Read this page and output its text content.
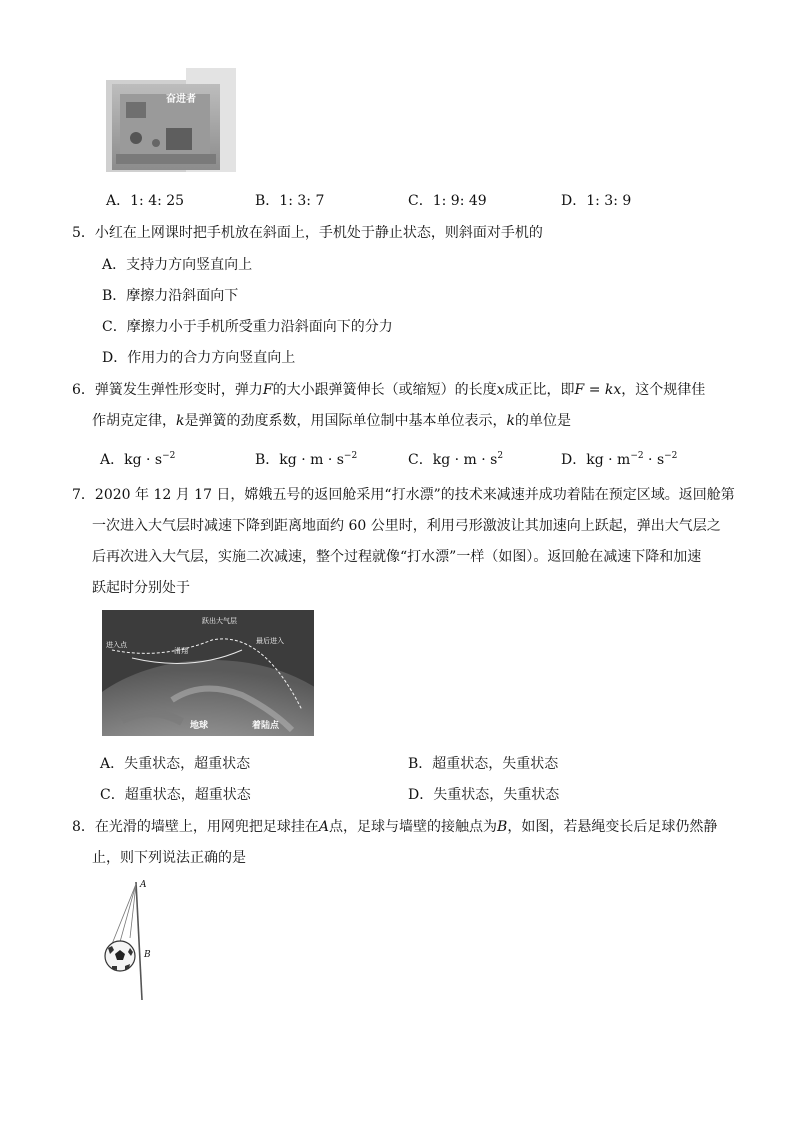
奋进者
A．1: 4: 25	B．1: 3: 7	C．1: 9: 49	D．1: 3: 9
5．小红在上网课时把手机放在斜面上，手机处于静止状态，则斜面对手机的
A．支持力方向竖直向上
B．摩擦力沿斜面向下
C．摩擦力小于手机所受重力沿斜面向下的分力
D．作用力的合力方向竖直向上
6．弹簧发生弹性形变时，弹力F的大小跟弹簧伸长（或缩短）的长度x成正比，即F = kx，这个规律佳
作胡克定律，k是弹簧的劲度系数，用国际单位制中基本单位表示，k的单位是
A．kg · $s^{-2}$	B．kg · $m \cdot s^{-2}$	C．kg · $m \cdot s^2$	D．kg · $m^{-2} \cdot s^{-2}$
7．2020 年 12 月 17 日，嫦娥五号的返回舱采用“打水漂”的技术来减速并成功着陆在预定区域。返回舱第
一次进入大气层时减速下降到距离地面约 60 公里时，利用弓形激波让其加速向上跃起，弹出大气层之
后再次进入大气层，实施二次减速，整个过程就像“打水漂”一样（如图）。返回舱在减速下降和加速
跃起时分别处于
进入点
跃出大气层
滑翔
最后进入
地球	着陆点
A．失重状态，超重状态	B．超重状态，失重状态
C．超重状态，超重状态	D．失重状态，失重状态
8．在光滑的墙壁上，用网兜把足球挂在A点，足球与墙壁的接触点为B，如图，若悬绳变长后足球仍然静
止，则下列说法正确的是
A
B
